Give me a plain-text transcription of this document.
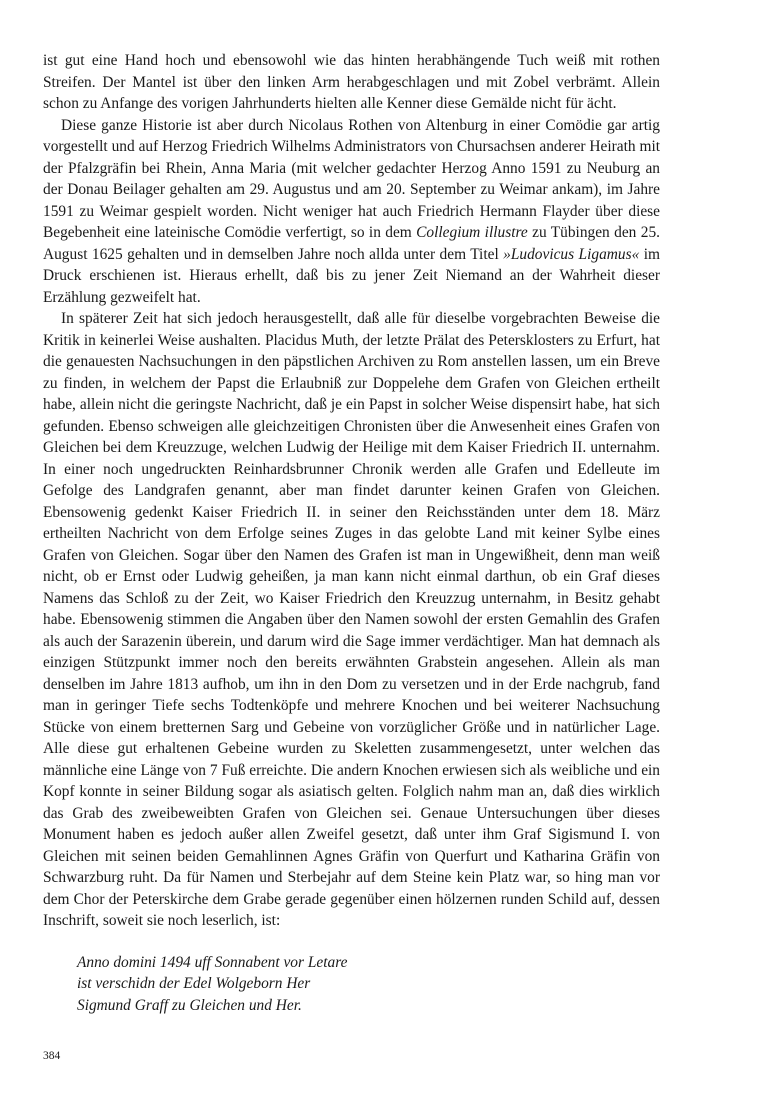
ist gut eine Hand hoch und ebensowohl wie das hinten herabhängende Tuch weiß mit rothen Streifen. Der Mantel ist über den linken Arm herabgeschlagen und mit Zobel verbrämt. Allein schon zu Anfange des vorigen Jahrhunderts hielten alle Kenner diese Gemälde nicht für ächt.

Diese ganze Historie ist aber durch Nicolaus Rothen von Altenburg in einer Comödie gar artig vorgestellt und auf Herzog Friedrich Wilhelms Administrators von Chursachsen anderer Heirath mit der Pfalzgräfin bei Rhein, Anna Maria (mit welcher gedachter Herzog Anno 1591 zu Neuburg an der Donau Beilager gehalten am 29. Augustus und am 20. September zu Weimar ankam), im Jahre 1591 zu Weimar gespielt worden. Nicht weniger hat auch Friedrich Hermann Flayder über diese Begebenheit eine lateinische Comödie verfertigt, so in dem Collegium illustre zu Tübingen den 25. August 1625 gehalten und in demselben Jahre noch allda unter dem Titel »Ludovicus Ligamus« im Druck erschienen ist. Hieraus erhellt, daß bis zu jener Zeit Niemand an der Wahrheit dieser Erzählung gezweifelt hat.

In späterer Zeit hat sich jedoch herausgestellt, daß alle für dieselbe vorgebrachten Beweise die Kritik in keinerlei Weise aushalten. Placidus Muth, der letzte Prälat des Petersklosters zu Erfurt, hat die genauesten Nachsuchungen in den päpstlichen Archiven zu Rom anstellen lassen, um ein Breve zu finden, in welchem der Papst die Erlaubniß zur Doppelehe dem Grafen von Gleichen ertheilt habe, allein nicht die geringste Nachricht, daß je ein Papst in solcher Weise dispensirt habe, hat sich gefunden. Ebenso schweigen alle gleichzeitigen Chronisten über die Anwesenheit eines Grafen von Gleichen bei dem Kreuzzuge, welchen Ludwig der Heilige mit dem Kaiser Friedrich II. unternahm. In einer noch ungedruckten Reinhardsbrunner Chronik werden alle Grafen und Edelleute im Gefolge des Landgrafen genannt, aber man findet darunter keinen Grafen von Gleichen. Ebensowenig gedenkt Kaiser Friedrich II. in seiner den Reichsständen unter dem 18. März ertheilten Nachricht von dem Erfolge seines Zuges in das gelobte Land mit keiner Sylbe eines Grafen von Gleichen. Sogar über den Namen des Grafen ist man in Ungewißheit, denn man weiß nicht, ob er Ernst oder Ludwig geheißen, ja man kann nicht einmal darthun, ob ein Graf dieses Namens das Schloß zu der Zeit, wo Kaiser Friedrich den Kreuzzug unternahm, in Besitz gehabt habe. Ebensowenig stimmen die Angaben über den Namen sowohl der ersten Gemahlin des Grafen als auch der Sarazenin überein, und darum wird die Sage immer verdächtiger. Man hat demnach als einzigen Stützpunkt immer noch den bereits erwähnten Grabstein angesehen. Allein als man denselben im Jahre 1813 aufhob, um ihn in den Dom zu versetzen und in der Erde nachgrub, fand man in geringer Tiefe sechs Todtenköpfe und mehrere Knochen und bei weiterer Nachsuchung Stücke von einem bretternen Sarg und Gebeine von vorzüglicher Größe und in natürlicher Lage. Alle diese gut erhaltenen Gebeine wurden zu Skeletten zusammengesetzt, unter welchen das männliche eine Länge von 7 Fuß erreichte. Die andern Knochen erwiesen sich als weibliche und ein Kopf konnte in seiner Bildung sogar als asiatisch gelten. Folglich nahm man an, daß dies wirklich das Grab des zweibeweibten Grafen von Gleichen sei. Genaue Untersuchungen über dieses Monument haben es jedoch außer allen Zweifel gesetzt, daß unter ihm Graf Sigismund I. von Gleichen mit seinen beiden Gemahlinnen Agnes Gräfin von Querfurt und Katharina Gräfin von Schwarzburg ruht. Da für Namen und Sterbejahr auf dem Steine kein Platz war, so hing man vor dem Chor der Peterskirche dem Grabe gerade gegenüber einen hölzernen runden Schild auf, dessen Inschrift, soweit sie noch leserlich, ist:

Anno domini 1494 uff Sonnabent vor Letare
ist verschidn der Edel Wolgeborn Her
Sigmund Graff zu Gleichen und Her.
384
